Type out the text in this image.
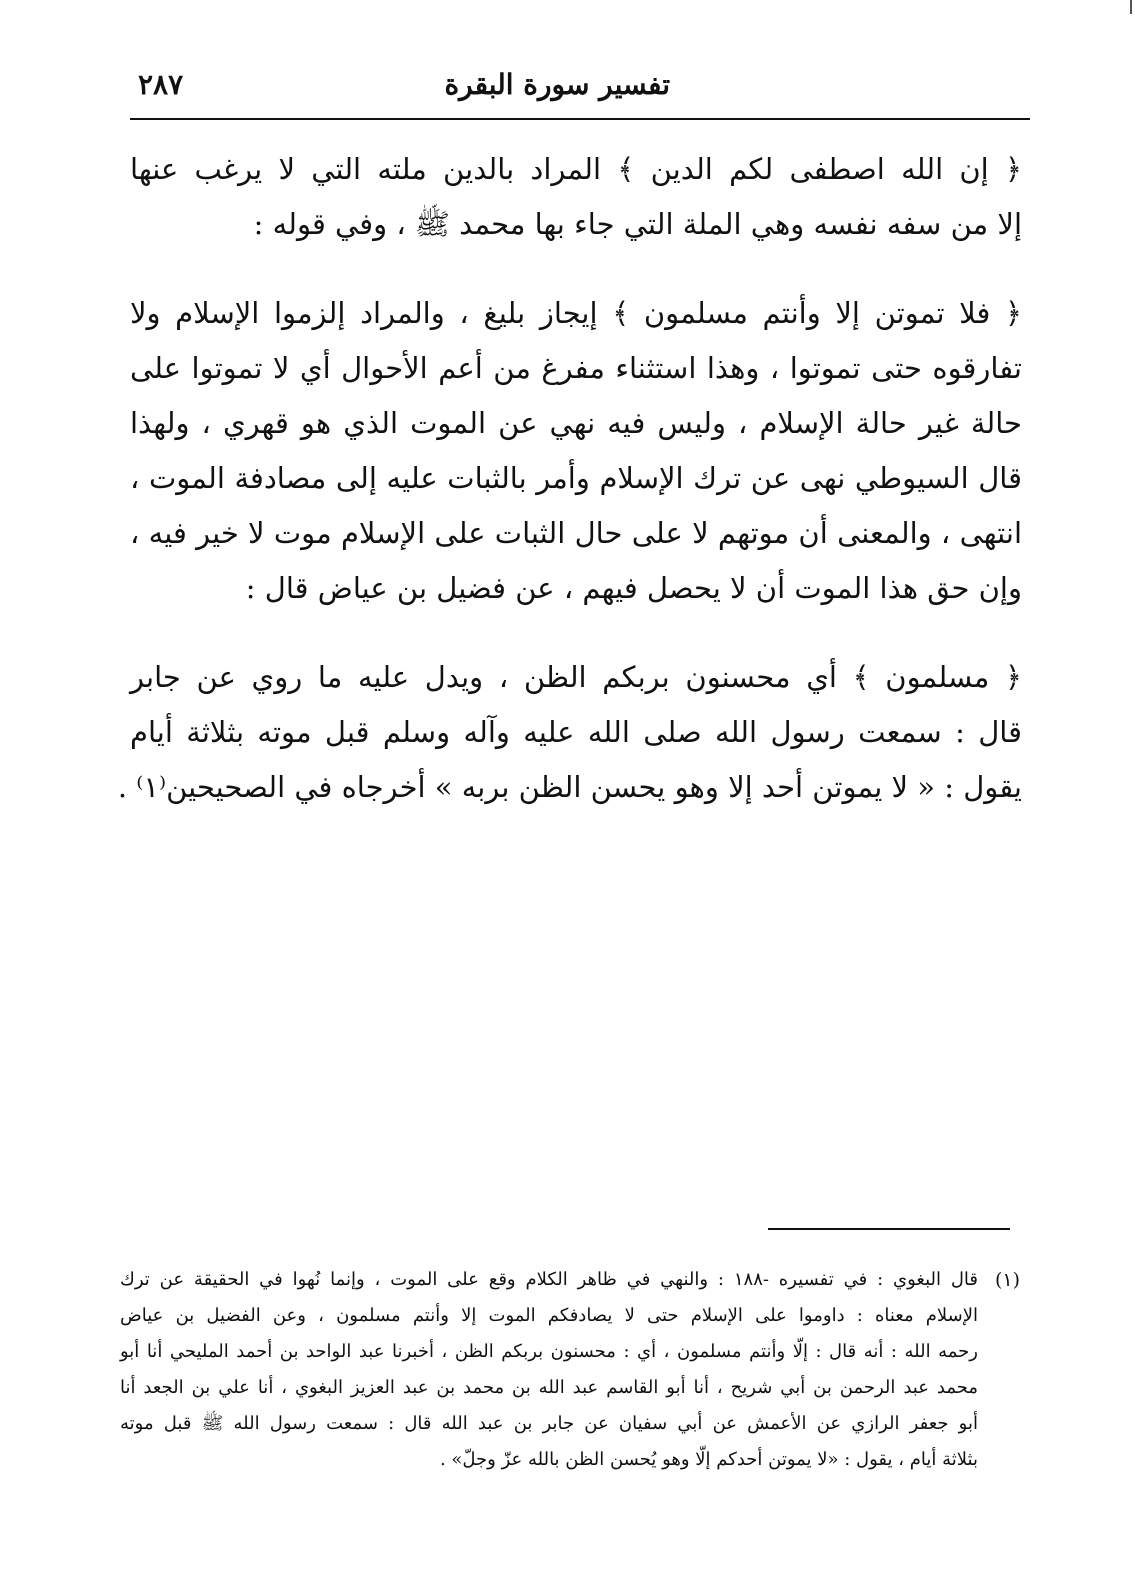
تفسير سورة البقرة
٢٨٧

﴿ إن الله اصطفى لكم الدين ﴾ المراد بالدين ملته التي لا يرغب عنها
إلا من سفه نفسه وهي الملة التي جاء بها محمد ﷺ ، وفي قوله :

﴿ فلا تموتن إلا وأنتم مسلمون ﴾ إيجاز بليغ ، والمراد إلزموا الإسلام ولا
تفارقوه حتى تموتوا ، وهذا استثناء مفرغ من أعم الأحوال أي لا تموتوا على
حالة غير حالة الإسلام ، وليس فيه نهي عن الموت الذي هو قهري ، ولهذا
قال السيوطي نهى عن ترك الإسلام وأمر بالثبات عليه إلى مصادفة الموت ،
انتهى ، والمعنى أن موتهم لا على حال الثبات على الإسلام موت لا خير فيه ،
وإن حق هذا الموت أن لا يحصل فيهم ، عن فضيل بن عياض قال :

﴿ مسلمون ﴾ أي محسنون بربكم الظن ، ويدل عليه ما روي عن جابر
قال : سمعت رسول الله صلى الله عليه وآله وسلم قبل موته بثلاثة أيام
يقول : « لا يموتن أحد إلا وهو يحسن الظن بربه » أخرجاه في الصحيحين⁽١⁾ .

(١)
قال البغوي : في تفسيره -١٨٨ : والنهي في ظاهر الكلام وقع على الموت ، وإنما نُهوا في الحقيقة عن ترك
الإسلام معناه : داوموا على الإسلام حتى لا يصادفكم الموت إلا وأنتم مسلمون ، وعن الفضيل بن عياض
رحمه الله : أنه قال : إلّا وأنتم مسلمون ، أي : محسنون بربكم الظن ، أخبرنا عبد الواحد بن أحمد المليحي أنا أبو
محمد عبد الرحمن بن أبي شريح ، أنا أبو القاسم عبد الله بن محمد بن عبد العزيز البغوي ، أنا علي بن الجعد أنا
أبو جعفر الرازي عن الأعمش عن أبي سفيان عن جابر بن عبد الله قال : سمعت رسول الله ﷺ قبل موته
بثلاثة أيام ، يقول : «لا يموتن أحدكم إلّا وهو يُحسن الظن بالله عزّ وجلّ» .
